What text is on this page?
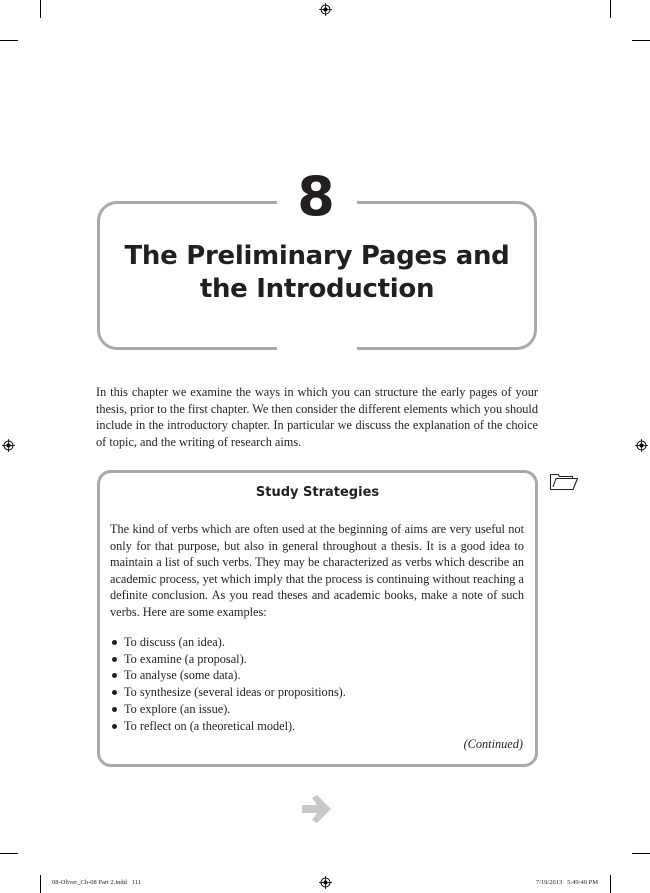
8
The Preliminary Pages and the Introduction

In this chapter we examine the ways in which you can structure the early pages of your thesis, prior to the first chapter. We then consider the different elements which you should include in the introductory chapter. In particular we discuss the explanation of the choice of topic, and the writing of research aims.

Study Strategies

The kind of verbs which are often used at the beginning of aims are very useful not only for that purpose, but also in general throughout a thesis. It is a good idea to maintain a list of such verbs. They may be characterized as verbs which describe an academic process, yet which imply that the process is continuing without reaching a definite conclusion. As you read theses and academic books, make a note of such verbs. Here are some examples:

To discuss (an idea).
To examine (a proposal).
To analyse (some data).
To synthesize (several ideas or propositions).
To explore (an issue).
To reflect on (a theoretical model).
(Continued)
08-Oliver_Ch-08 Part 2.indd   111	7/19/2013   5:49:40 PM
